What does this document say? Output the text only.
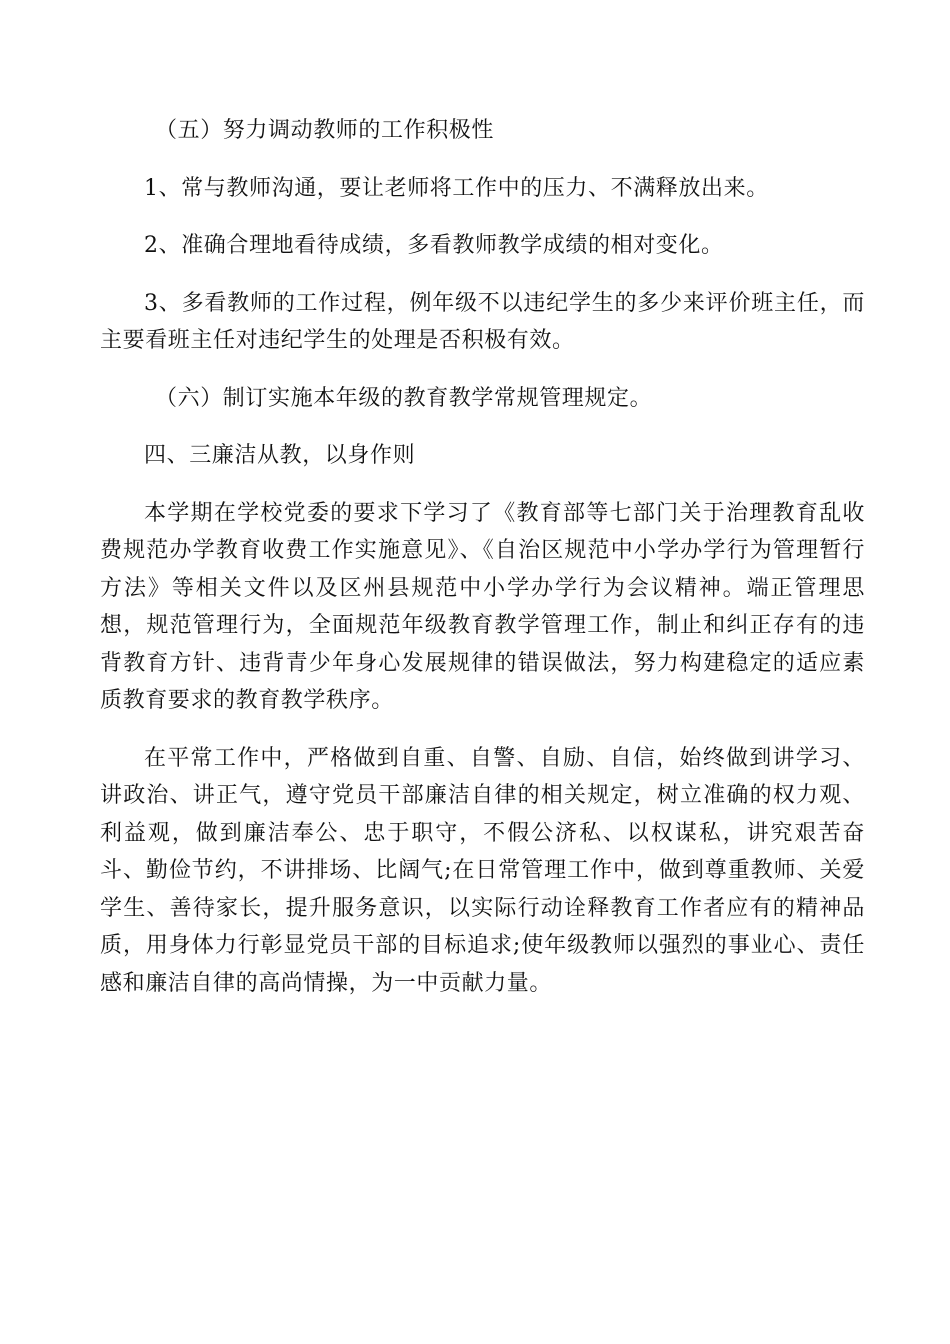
（五）努力调动教师的工作积极性

1、常与教师沟通，要让老师将工作中的压力、不满释放出来。

2、准确合理地看待成绩，多看教师教学成绩的相对变化。

3、多看教师的工作过程，例年级不以违纪学生的多少来评价班主任，而主要看班主任对违纪学生的处理是否积极有效。

（六）制订实施本年级的教育教学常规管理规定。

四、三廉洁从教，以身作则

本学期在学校党委的要求下学习了《教育部等七部门关于治理教育乱收费规范办学教育收费工作实施意见》、《自治区规范中小学办学行为管理暂行方法》等相关文件以及区州县规范中小学办学行为会议精神。端正管理思想，规范管理行为，全面规范年级教育教学管理工作，制止和纠正存有的违背教育方针、违背青少年身心发展规律的错误做法，努力构建稳定的适应素质教育要求的教育教学秩序。

在平常工作中，严格做到自重、自警、自励、自信，始终做到讲学习、讲政治、讲正气，遵守党员干部廉洁自律的相关规定，树立准确的权力观、利益观，做到廉洁奉公、忠于职守，不假公济私、以权谋私，讲究艰苦奋斗、勤俭节约，不讲排场、比阔气;在日常管理工作中，做到尊重教师、关爱学生、善待家长，提升服务意识，以实际行动诠释教育工作者应有的精神品质，用身体力行彰显党员干部的目标追求;使年级教师以强烈的事业心、责任感和廉洁自律的高尚情操，为一中贡献力量。
